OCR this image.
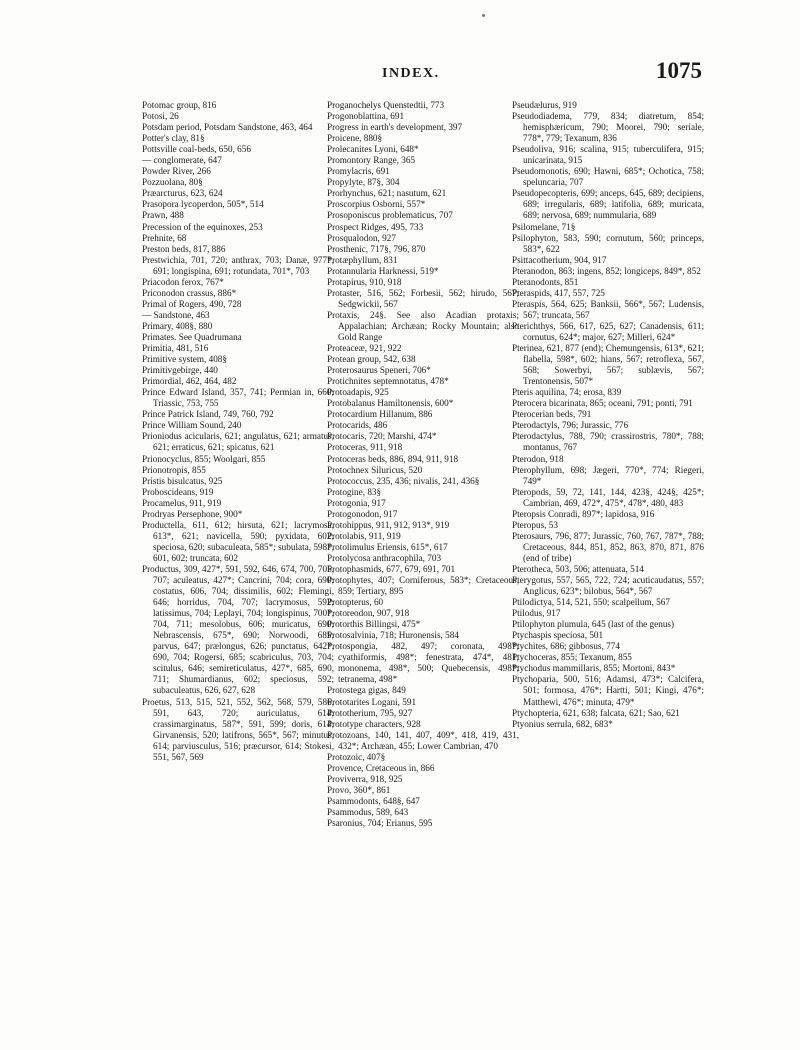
INDEX.	1075

Potomac group, 816

Potosi, 26

Potsdam period, Potsdam Sandstone, 463, 464

Potter's clay, 81§

Pottsville coal-beds, 650, 656

— conglomerate, 647

Powder River, 266

Pozzuolana, 80§

Præarcturus, 623, 624

Prasopora lycoperdon, 505*, 514

Prawn, 488

Precession of the equinoxes, 253

Prehnite, 68

Preston beds, 817, 886

Prestwichia, 701, 720; anthrax, 703; Danæ, 977*, 691; longispina, 691; rotundata, 701*, 703

Priacodon ferox, 767*

Priconodon crassus, 886*

Primal of Rogers, 490, 728

— Sandstone, 463

Primary, 408§, 880

Primates. See Quadrumana

Primitia, 481, 516

Primitive system, 408§

Primitivgebirge, 440

Primordial, 462, 464, 482

Prince Edward Island, 357, 741; Permian in, 660; Triassic, 753, 755

Prince Patrick Island, 749, 760, 792

Prince William Sound, 240

Prioniodus acicularis, 621; angulatus, 621; armatus, 621; erraticus, 621; spicatus, 621

Prionocyclus, 855; Woolgari, 855

Prionotropis, 855

Pristis bisulcatus, 925

Proboscideans, 919

Procamelus, 911, 919

Prodryas Persephone, 900*

Productella, 611, 612; hirsuta, 621; lacrymosa, 613*, 621; navicella, 590; pyxidata, 602; speciosa, 620; subaculeata, 585*; subulata, 598*, 601, 602; truncata, 602

Productus, 309, 427*, 591, 592, 646, 674, 700, 705, 707; aculeatus, 427*; Cancrini, 704; cora, 690; costatus, 606, 704; dissimilis, 602; Flemingi, 646; horridus, 704, 707; lacrymosus, 592; latissimus, 704; Leplayi, 704; longispinus, 700*, 704, 711; mesolobus, 606; muricatus, 690; Nebrascensis, 675*, 690; Norwoodi, 685; parvus, 647; prælongus, 626; punctatus, 642*, 690, 704; Rogersi, 685; scabriculus, 703, 704; scitulus, 646; semireticulatus, 427*, 685, 690, 711; Shumardianus, 602; speciosus, 592; subaculeatus, 626, 627, 628

Proetus, 513, 515, 521, 552, 562, 568, 579, 586, 591, 643, 720; auriculatus, 614; crassimarginatus, 587*, 591, 599; doris, 614; Girvanensis, 520; latifrons, 565*, 567; minutus, 614; parviusculus, 516; præcursor, 614; Stokesi, 551, 567, 569

Proganochelys Quenstedtii, 773

Progonoblattina, 691

Progress in earth's development, 397

Proicene, 880§

Prolecanites Lyoni, 648*

Promontory Range, 365

Promylacris, 691

Propylyte, 87§, 304

Prorhynchus, 621; nasutum, 621

Proscorpius Osborni, 557*

Prosoponiscus problematicus, 707

Prospect Ridges, 495, 733

Prosqualodon, 927

Prosthenic, 717§, 796, 870

Protæphyllum, 831

Protannularia Harknessi, 519*

Protapirus, 910, 918

Protaster, 516, 562; Forbesii, 562; hirudo, 567; Sedgwickii, 567

Protaxis, 24§. See also Acadian protaxis; Appalachian; Archæan; Rocky Mountain; also Gold Range

Proteaceæ, 921, 922

Protean group, 542, 638

Proterosaurus Speneri, 706*

Protichnites septemnotatus, 478*

Protoadapis, 925

Protobalanus Hamiltonensis, 600*

Protocardium Hillanum, 886

Protocarids, 486

Protocaris, 720; Marshi, 474*

Protoceras, 911, 918

Protoceras beds, 886, 894, 911, 918

Protochnex Siluricus, 520

Protococcus, 235, 436; nivalis, 241, 436§

Protogine, 83§

Protogonia, 917

Protogonodon, 917

Protohippus, 911, 912, 913*, 919

Protolabis, 911, 919

Protolimulus Eriensis, 615*, 617

Protolycosa anthracophila, 703

Protophasmids, 677, 679, 691, 701

Protophytes, 407; Corniferous, 583*; Cretaceous, 859; Tertiary, 895

Protopterus, 60

Protoreodon, 907, 918

Protorthis Billingsi, 475*

Protosalvinia, 718; Huronensis, 584

Protospongia, 482, 497; coronata, 498*; cyathiformis, 498*; fenestrata, 474*, 481; mononema, 498*, 500; Quebecensis, 498*; tetranema, 498*

Protostega gigas, 849

Prototarites Logani, 591

Prototherium, 795, 927

Prototype characters, 928

Protozoans, 140, 141, 407, 409*, 418, 419, 431, 432*; Archæan, 455; Lower Cambrian, 470

Protozoic, 407§

Provence, Cretaceous in, 866

Proviverra, 918, 925

Provo, 360*, 861

Psammodonts, 648§, 647

Psammodus, 589, 643

Psaronius, 704; Erianus, 595

Pseudælurus, 919

Pseudodiadema, 779, 834; diatretum, 854; hemisphæricum, 790; Moorei, 790; seriale, 778*, 779; Texanum, 836

Pseudoliva, 916; scalina, 915; tuberculifera, 915; unicarinata, 915

Pseudomonotis, 690; Hawni, 685*; Ochotica, 758; speluncaria, 707

Pseudopecopteris, 699; anceps, 645, 689; decipiens, 689; irregularis, 689; latifolia, 689; muricata, 689; nervosa, 689; nummularia, 689

Psilomelane, 71§

Psilophyton, 583, 590; cornutum, 560; princeps, 583*, 622

Psittacotherium, 904, 917

Pteranodon, 863; ingens, 852; longiceps, 849*, 852

Pteranodonts, 851

Pteraspids, 417, 557, 725

Pteraspis, 564, 625; Banksii, 566*, 567; Ludensis, 567; truncata, 567

Pterichthys, 566, 617, 625, 627; Canadensis, 611; cornutus, 624*; major, 627; Milleri, 624*

Pterinea, 621, 877 (end); Chemungensis, 613*, 621; flabella, 598*, 602; hians, 567; retroflexa, 567, 568; Sowerbyi, 567; sublævis, 567; Trentonensis, 507*

Pteris aquilina, 74; erosa, 839

Pterocera bicarinata, 865; oceani, 791; ponti, 791

Pterocerian beds, 791

Pterodactyls, 796; Jurassic, 776

Pterodactylus, 788, 790; crassirostris, 780*, 788; montanus, 767

Pterodon, 918

Pterophyllum, 698; Jægeri, 770*, 774; Riegeri, 749*

Pteropods, 59, 72, 141, 144, 423§, 424§, 425*; Cambrian, 469, 472*, 475*, 478*, 480, 483

Pteropsis Conradi, 897*; lapidosa, 916

Pteropus, 53

Pterosaurs, 796, 877; Jurassic, 760, 767, 787*, 788; Cretaceous, 844, 851, 852, 863, 870, 871, 876 (end of tribe)

Pterotheca, 503, 506; attenuata, 514

Pterygotus, 557, 565, 722, 724; acuticaudatus, 557; Anglicus, 623*; bilobus, 564*, 567

Ptilodictya, 514, 521, 550; scalpellum, 567

Ptilodus, 917

Ptilophyton plumula, 645 (last of the genus)

Ptychaspis speciosa, 501

Ptychites, 686; gibbosus, 774

Ptychoceras, 855; Texanum, 855

Ptychodus mammillaris, 855; Mortoni, 843*

Ptychoparia, 500, 516; Adamsi, 473*; Calcifera, 501; formosa, 476*; Hartti, 501; Kingi, 476*; Matthewi, 476*; minuta, 479*

Ptychopteria, 621, 638; falcata, 621; Sao, 621

Ptyonius serrula, 682, 683*
